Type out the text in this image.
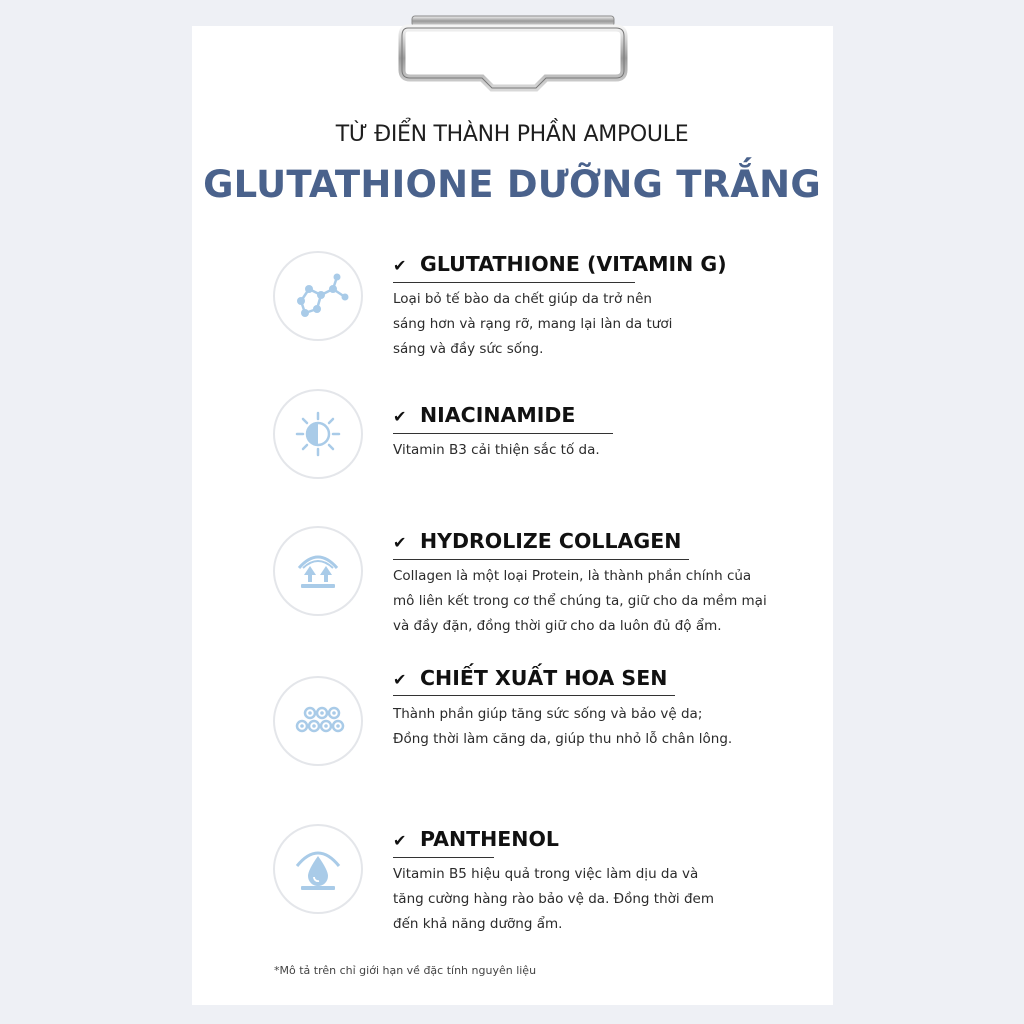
TỪ ĐIỂN THÀNH PHẦN AMPOULE
GLUTATHIONE DƯỠNG TRẮNG
✔ GLUTATHIONE (VITAMIN G)
Loại bỏ tế bào da chết giúp da trở nên
sáng hơn và rạng rỡ, mang lại làn da tươi
sáng và đầy sức sống.
✔ NIACINAMIDE
Vitamin B3 cải thiện sắc tố da.
✔ HYDROLIZE COLLAGEN
Collagen là một loại Protein, là thành phần chính của
mô liên kết trong cơ thể chúng ta, giữ cho da mềm mại
và đầy đặn, đồng thời giữ cho da luôn đủ độ ẩm.
✔ CHIẾT XUẤT HOA SEN
Thành phần giúp tăng sức sống và bảo vệ da;
Đồng thời làm căng da, giúp thu nhỏ lỗ chân lông.
✔ PANTHENOL
Vitamin B5 hiệu quả trong việc làm dịu da và
tăng cường hàng rào bảo vệ da. Đồng thời đem
đến khả năng dưỡng ẩm.
*Mô tả trên chỉ giới hạn về đặc tính nguyên liệu
